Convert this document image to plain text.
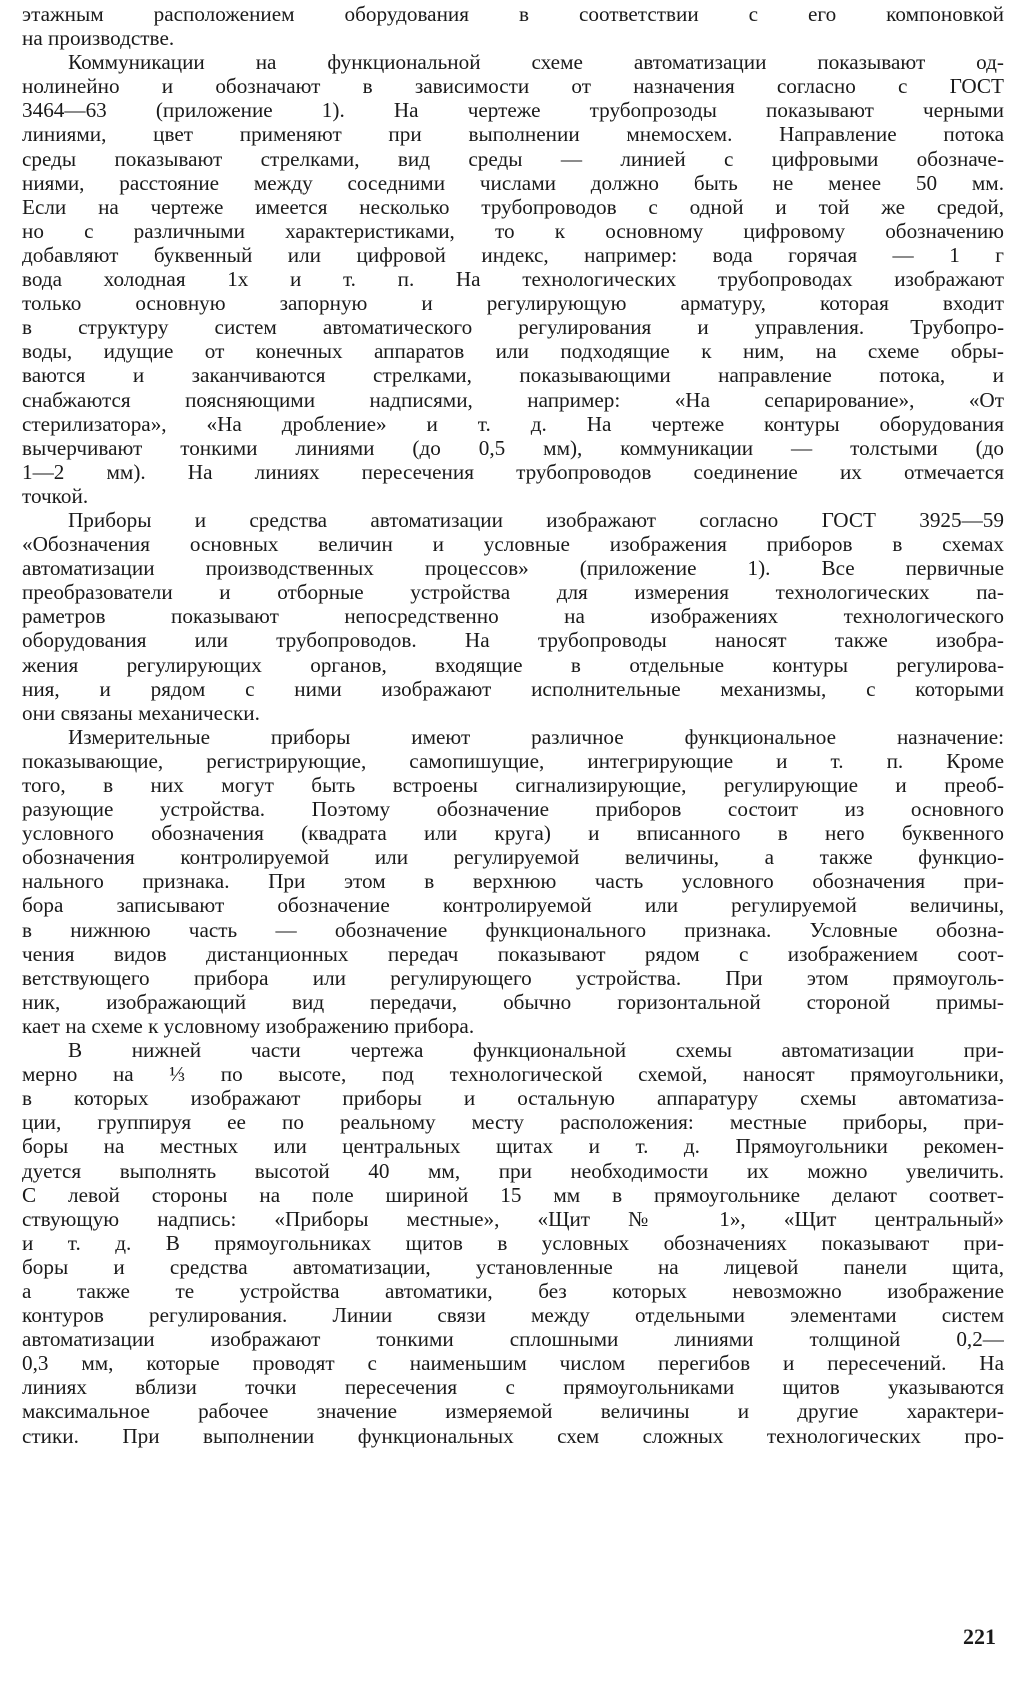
этажным расположением оборудования в соответствии с его компоновкой
на производстве.
Коммуникации на функциональной схеме автоматизации показывают од-
нолинейно и обозначают в зависимости от назначения согласно с ГОСТ
3464—63 (приложение 1). На чертеже трубопрозоды показывают черными
линиями, цвет применяют при выполнении мнемосхем. Направление потока
среды показывают стрелками, вид среды — линией с цифровыми обозначе-
ниями, расстояние между соседними числами должно быть не менее 50 мм.
Если на чертеже имеется несколько трубопроводов с одной и той же средой,
но с различными характеристиками, то к основному цифровому обозначению
добавляют буквенный или цифровой индекс, например: вода горячая — 1 г
вода холодная 1х и т. п. На технологических трубопроводах изображают
только основную запорную и регулирующую арматуру, которая входит
в структуру систем автоматического регулирования и управления. Трубопро-
воды, идущие от конечных аппаратов или подходящие к ним, на схеме обры-
ваются и заканчиваются стрелками, показывающими направление потока, и
снабжаются поясняющими надписями, например: «На сепарирование», «От
стерилизатора», «На дробление» и т. д. На чертеже контуры оборудования
вычерчивают тонкими линиями (до 0,5 мм), коммуникации — толстыми (до
1—2 мм). На линиях пересечения трубопроводов соединение их отмечается
точкой.
Приборы и средства автоматизации изображают согласно ГОСТ 3925—59
«Обозначения основных величин и условные изображения приборов в схемах
автоматизации производственных процессов» (приложение 1). Все первичные
преобразователи и отборные устройства для измерения технологических па-
раметров показывают непосредственно на изображениях технологического
оборудования или трубопроводов. На трубопроводы наносят также изобра-
жения регулирующих органов, входящие в отдельные контуры регулирова-
ния, и рядом с ними изображают исполнительные механизмы, с которыми
они связаны механически.
Измерительные приборы имеют различное функциональное назначение:
показывающие, регистрирующие, самопишущие, интегрирующие и т. п. Кроме
того, в них могут быть встроены сигнализирующие, регулирующие и преоб-
разующие устройства. Поэтому обозначение приборов состоит из основного
условного обозначения (квадрата или круга) и вписанного в него буквенного
обозначения контролируемой или регулируемой величины, а также функцио-
нального признака. При этом в верхнюю часть условного обозначения при-
бора записывают обозначение контролируемой или регулируемой величины,
в нижнюю часть — обозначение функционального признака. Условные обозна-
чения видов дистанционных передач показывают рядом с изображением соот-
ветствующего прибора или регулирующего устройства. При этом прямоуголь-
ник, изображающий вид передачи, обычно горизонтальной стороной примы-
кает на схеме к условному изображению прибора.
В нижней части чертежа функциональной схемы автоматизации при-
мерно на ⅓ по высоте, под технологической схемой, наносят прямоугольники,
в которых изображают приборы и остальную аппаратуру схемы автоматиза-
ции, группируя ее по реальному месту расположения: местные приборы, при-
боры на местных или центральных щитах и т. д. Прямоугольники рекомен-
дуется выполнять высотой 40 мм, при необходимости их можно увеличить.
С левой стороны на поле шириной 15 мм в прямоугольнике делают соответ-
ствующую надпись: «Приборы местные», «Щит № 1», «Щит центральный»
и т. д. В прямоугольниках щитов в условных обозначениях показывают при-
боры и средства автоматизации, установленные на лицевой панели щита,
а также те устройства автоматики, без которых невозможно изображение
контуров регулирования. Линии связи между отдельными элементами систем
автоматизации изображают тонкими сплошными линиями толщиной 0,2—
0,3 мм, которые проводят с наименьшим числом перегибов и пересечений. На
линиях вблизи точки пересечения с прямоугольниками щитов указываются
максимальное рабочее значение измеряемой величины и другие характери-
стики. При выполнении функциональных схем сложных технологических про-
221
